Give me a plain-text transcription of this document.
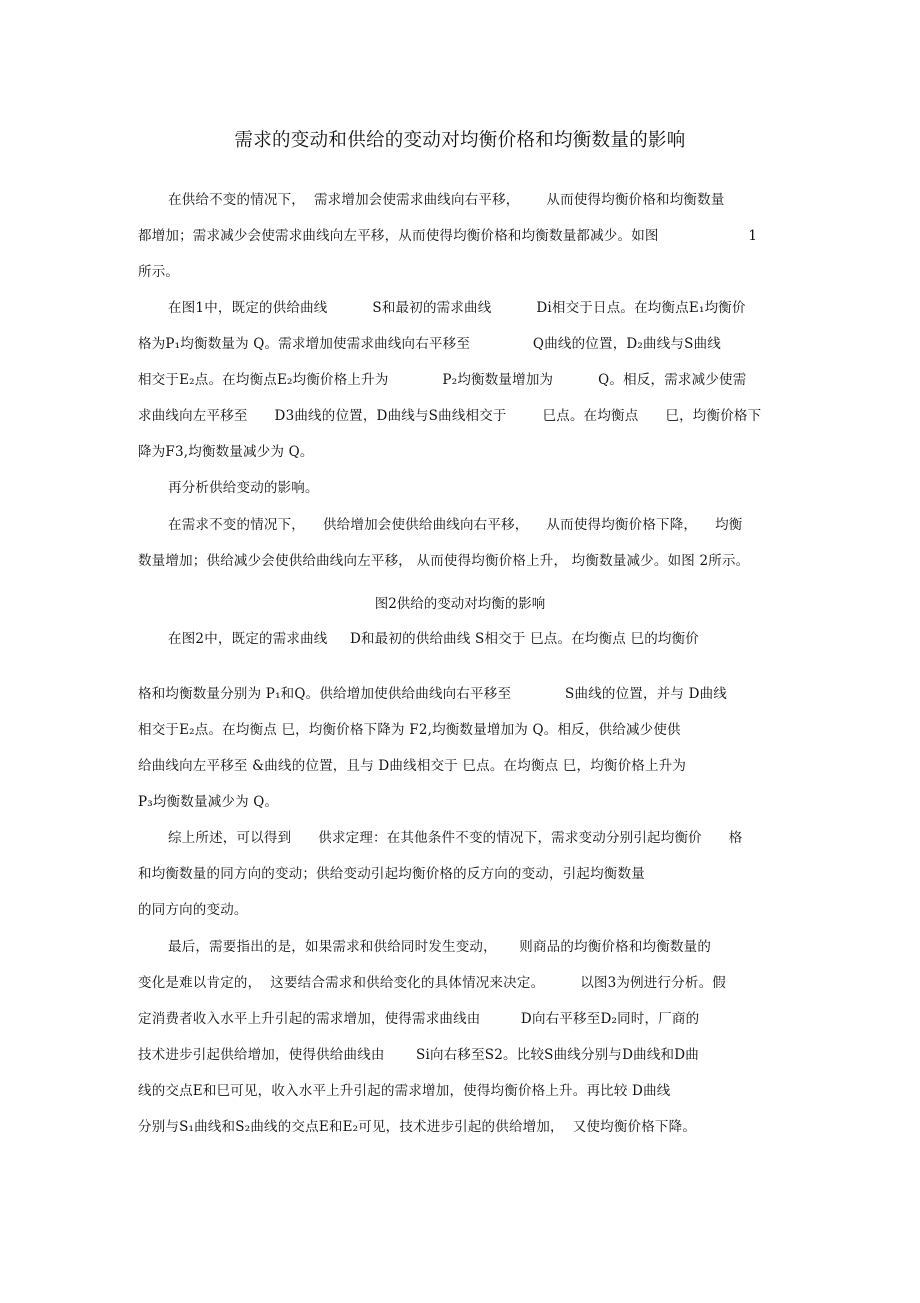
需求的变动和供给的变动对均衡价格和均衡数量的影响
在供给不变的情况下，  需求增加会使需求曲线向右平移，      从而使得均衡价格和均衡数量
都增加；需求减少会使需求曲线向左平移，从而使得均衡价格和均衡数量都减少。如图                    1
所示。
在图1中，既定的供给曲线          S和最初的需求曲线          Di相交于日点。在均衡点E₁均衡价
格为P₁均衡数量为 Q。需求增加使需求曲线向右平移至              Q曲线的位置，D₂曲线与S曲线
相交于E₂点。在均衡点E₂均衡价格上升为            P₂均衡数量增加为          Q。相反，需求减少使需
求曲线向左平移至      D3曲线的位置，D曲线与S曲线相交于        巳点。在均衡点      巳，均衡价格下
降为F3,均衡数量减少为 Q。
再分析供给变动的影响。
在需求不变的情况下，    供给增加会使供给曲线向右平移，    从而使得均衡价格下降，    均衡
数量增加；供给减少会使供给曲线向左平移， 从而使得均衡价格上升， 均衡数量减少。如图 2所示。
图2供给的变动对均衡的影响
在图2中，既定的需求曲线     D和最初的供给曲线 S相交于 巳点。在均衡点 巳的均衡价
格和均衡数量分别为 P₁和Q。供给增加使供给曲线向右平移至            S曲线的位置，并与 D曲线
相交于E₂点。在均衡点 巳，均衡价格下降为 F2,均衡数量增加为 Q。相反，供给减少使供
给曲线向左平移至 &曲线的位置，且与 D曲线相交于 巳点。在均衡点 巳，均衡价格上升为
P₃均衡数量减少为 Q。
综上所述，可以得到      供求定理：在其他条件不变的情况下，需求变动分别引起均衡价      格
和均衡数量的同方向的变动；供给变动引起均衡价格的反方向的变动，引起均衡数量
的同方向的变动。
最后，需要指出的是，如果需求和供给同时发生变动，     则商品的均衡价格和均衡数量的
变化是难以肯定的，  这要结合需求和供给变化的具体情况来决定。        以图3为例进行分析。假
定消费者收入水平上升引起的需求增加，使得需求曲线由         D向右平移至D₂同时，厂商的
技术进步引起供给增加，使得供给曲线由       Si向右移至S2。比较S曲线分别与D曲线和D曲
线的交点E和巳可见，收入水平上升引起的需求增加，使得均衡价格上升。再比较 D曲线
分别与S₁曲线和S₂曲线的交点E和E₂可见，技术进步引起的供给增加，  又使均衡价格下降。
